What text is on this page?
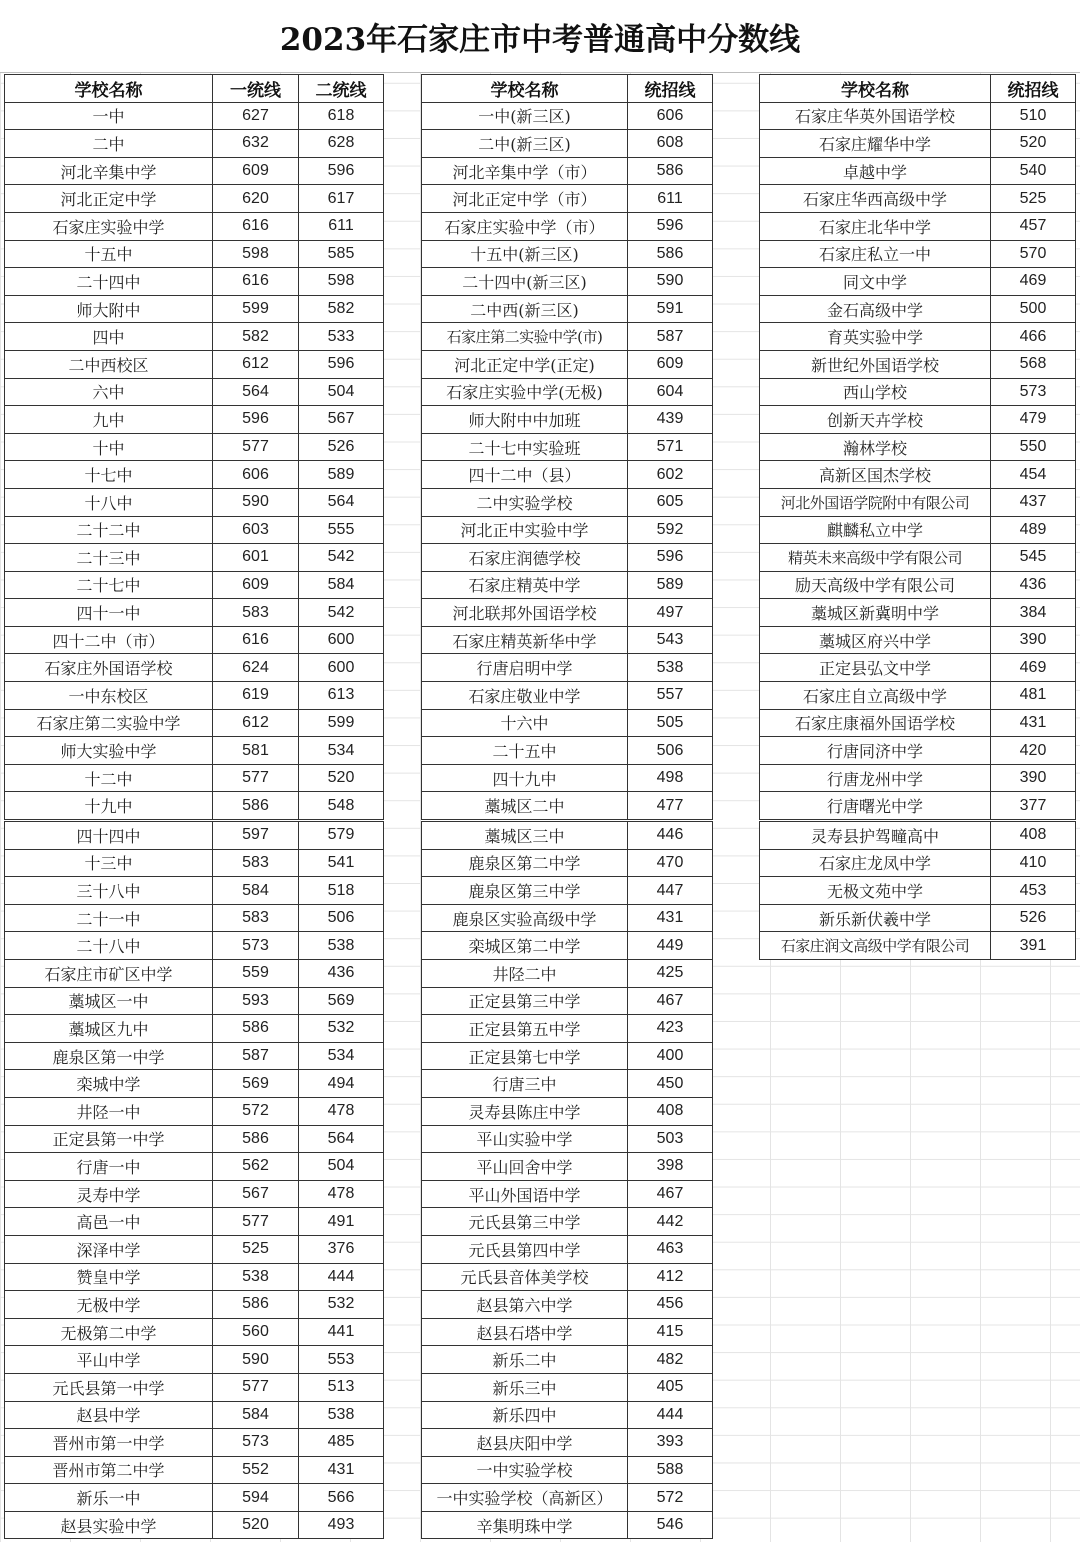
2023年石家庄市中考普通高中分数线
学校名称	一统线	二统线
一中	627	618
二中	632	628
河北辛集中学	609	596
河北正定中学	620	617
石家庄实验中学	616	611
十五中	598	585
二十四中	616	598
师大附中	599	582
四中	582	533
二中西校区	612	596
六中	564	504
九中	596	567
十中	577	526
十七中	606	589
十八中	590	564
二十二中	603	555
二十三中	601	542
二十七中	609	584
四十一中	583	542
四十二中（市）	616	600
石家庄外国语学校	624	600
一中东校区	619	613
石家庄第二实验中学	612	599
师大实验中学	581	534
十二中	577	520
十九中	586	548
四十四中	597	579
十三中	583	541
三十八中	584	518
二十一中	583	506
二十八中	573	538
石家庄市矿区中学	559	436
藁城区一中	593	569
藁城区九中	586	532
鹿泉区第一中学	587	534
栾城中学	569	494
井陉一中	572	478
正定县第一中学	586	564
行唐一中	562	504
灵寿中学	567	478
高邑一中	577	491
深泽中学	525	376
赞皇中学	538	444
无极中学	586	532
无极第二中学	560	441
平山中学	590	553
元氏县第一中学	577	513
赵县中学	584	538
晋州市第一中学	573	485
晋州市第二中学	552	431
新乐一中	594	566
赵县实验中学	520	493
学校名称	统招线
一中(新三区)	606
二中(新三区)	608
河北辛集中学（市）	586
河北正定中学（市）	611
石家庄实验中学（市）	596
十五中(新三区)	586
二十四中(新三区)	590
二中西(新三区)	591
石家庄第二实验中学(市)	587
河北正定中学(正定)	609
石家庄实验中学(无极)	604
师大附中中加班	439
二十七中实验班	571
四十二中（县）	602
二中实验学校	605
河北正中实验中学	592
石家庄润德学校	596
石家庄精英中学	589
河北联邦外国语学校	497
石家庄精英新华中学	543
行唐启明中学	538
石家庄敬业中学	557
十六中	505
二十五中	506
四十九中	498
藁城区二中	477
藁城区三中	446
鹿泉区第二中学	470
鹿泉区第三中学	447
鹿泉区实验高级中学	431
栾城区第二中学	449
井陉二中	425
正定县第三中学	467
正定县第五中学	423
正定县第七中学	400
行唐三中	450
灵寿县陈庄中学	408
平山实验中学	503
平山回舍中学	398
平山外国语中学	467
元氏县第三中学	442
元氏县第四中学	463
元氏县音体美学校	412
赵县第六中学	456
赵县石塔中学	415
新乐二中	482
新乐三中	405
新乐四中	444
赵县庆阳中学	393
一中实验学校	588
一中实验学校（高新区）	572
辛集明珠中学	546
学校名称	统招线
石家庄华英外国语学校	510
石家庄耀华中学	520
卓越中学	540
石家庄华西高级中学	525
石家庄北华中学	457
石家庄私立一中	570
同文中学	469
金石高级中学	500
育英实验中学	466
新世纪外国语学校	568
西山学校	573
创新天卉学校	479
瀚林学校	550
高新区国杰学校	454
河北外国语学院附中有限公司	437
麒麟私立中学	489
精英未来高级中学有限公司	545
励天高级中学有限公司	436
藁城区新冀明中学	384
藁城区府兴中学	390
正定县弘文中学	469
石家庄自立高级中学	481
石家庄康福外国语学校	431
行唐同济中学	420
行唐龙州中学	390
行唐曙光中学	377
灵寿县护驾疃高中	408
石家庄龙凤中学	410
无极文苑中学	453
新乐新伏羲中学	526
石家庄润文高级中学有限公司	391
